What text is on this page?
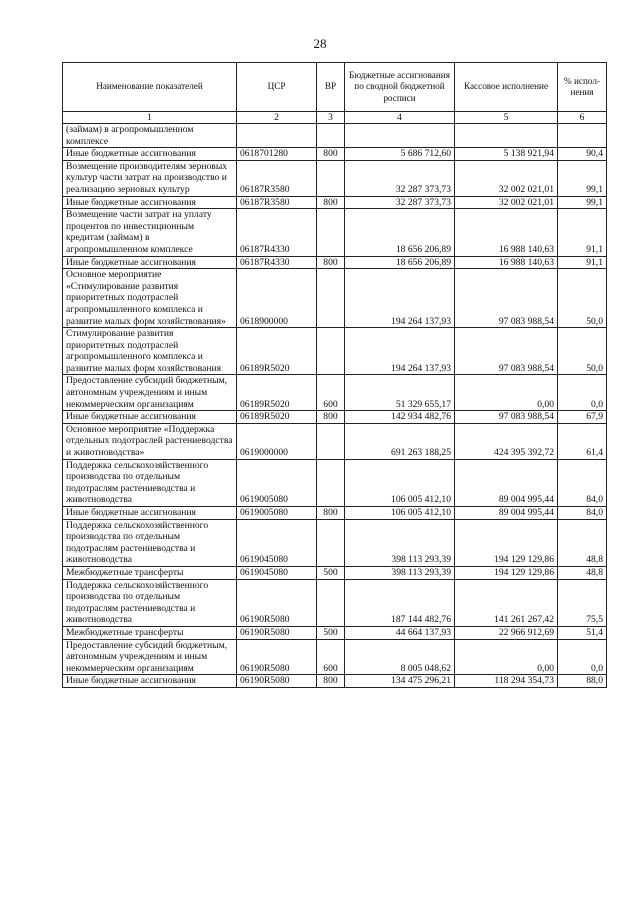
28
Наименование показателей	ЦСР	ВР	Бюджетные ассигнования по сводной бюджетной росписи	Кассовое исполнение	% испол-нения
1	2	3	4	5	6
(займам) в агропромышленном комплексе					
Иные бюджетные ассигнования	0618701280	800	5 686 712,60	5 138 921,94	90,4
Возмещение производителям зерновых культур части затрат на производство и реализацию зерновых культур	06187R3580		32 287 373,73	32 002 021,01	99,1
Иные бюджетные ассигнования	06187R3580	800	32 287 373,73	32 002 021,01	99,1
Возмещение части затрат на уплату процентов по инвестиционным кредитам (займам) в агропромышленном комплексе	06187R4330		18 656 206,89	16 988 140,63	91,1
Иные бюджетные ассигнования	06187R4330	800	18 656 206,89	16 988 140,63	91,1
Основное мероприятие «Стимулирование развития приоритетных подотраслей агропромышленного комплекса и развитие малых форм хозяйствования»	0618900000		194 264 137,93	97 083 988,54	50,0
Стимулирование развития приоритетных подотраслей агропромышленного комплекса и развитие малых форм хозяйствования	06189R5020		194 264 137,93	97 083 988,54	50,0
Предоставление субсидий бюджетным, автономным учреждениям и иным некоммерческим организациям	06189R5020	600	51 329 655,17	0,00	0,0
Иные бюджетные ассигнования	06189R5020	800	142 934 482,76	97 083 988,54	67,9
Основное мероприятие «Поддержка отдельных подотраслей растениеводства и животноводства»	0619000000		691 263 188,25	424 395 392,72	61,4
Поддержка сельскохозяйственного производства по отдельным подотраслям растениеводства и животноводства	0619005080		106 005 412,10	89 004 995,44	84,0
Иные бюджетные ассигнования	0619005080	800	106 005 412,10	89 004 995,44	84,0
Поддержка сельскохозяйственного производства по отдельным подотраслям растениеводства и животноводства	0619045080		398 113 293,39	194 129 129,86	48,8
Межбюджетные трансферты	0619045080	500	398 113 293,39	194 129 129,86	48,8
Поддержка сельскохозяйственного производства по отдельным подотраслям растениеводства и животноводства	06190R5080		187 144 482,76	141 261 267,42	75,5
Межбюджетные трансферты	06190R5080	500	44 664 137,93	22 966 912,69	51,4
Предоставление субсидий бюджетным, автономным учреждениям и иным некоммерческим организациям	06190R5080	600	8 005 048,62	0,00	0,0
Иные бюджетные ассигнования	06190R5080	800	134 475 296,21	118 294 354,73	88,0
